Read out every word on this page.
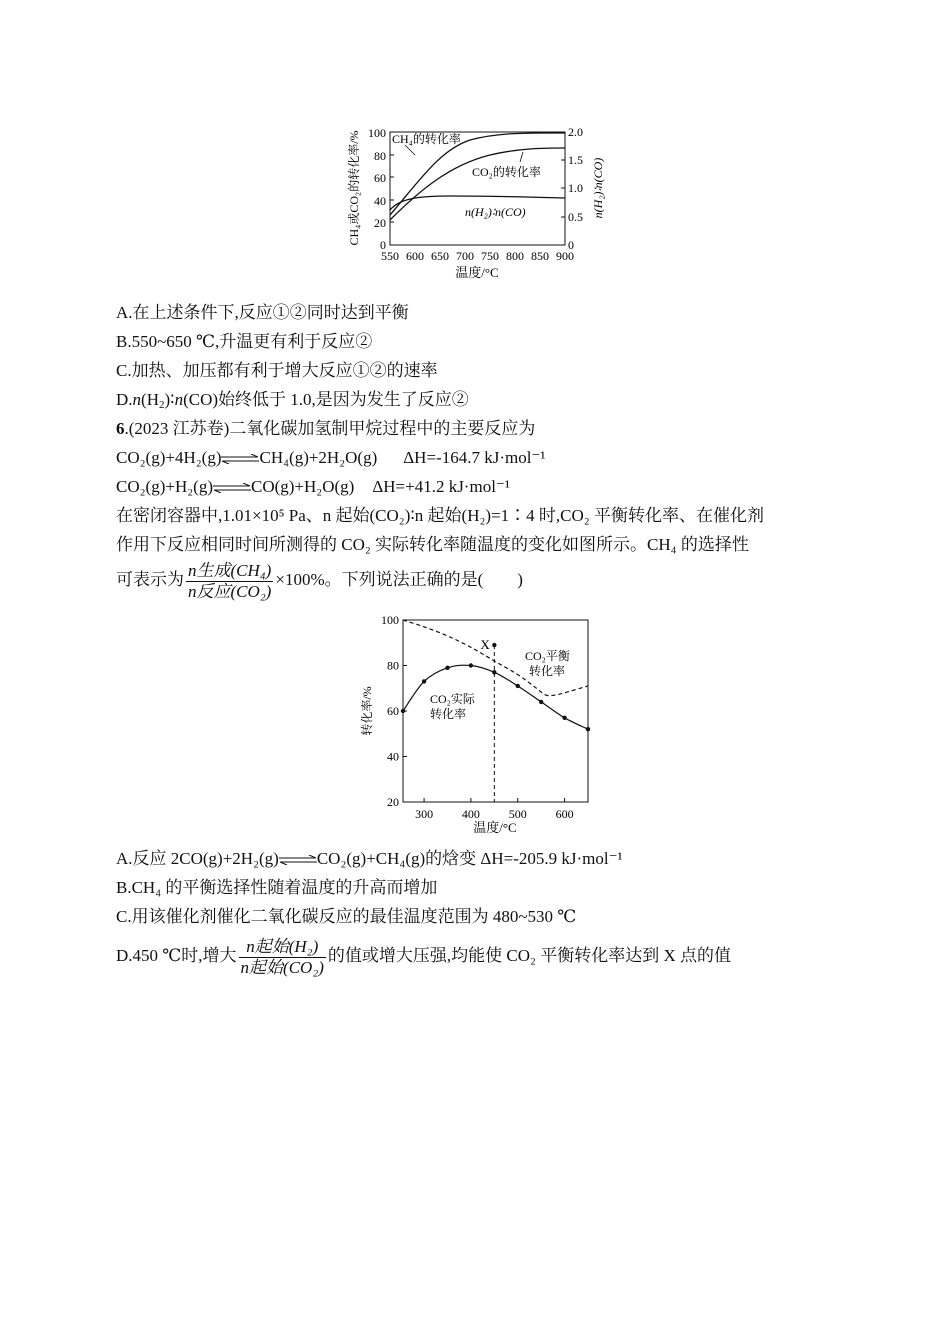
100
80
60
40
20
0
2.0
1.5
1.0
0.5
0
550 600 650 700 750 800 850 900
温度/°C
CH₄或CO₂的转化率/%	n(H₂)∶n(CO)
CH₄的转化率
CO₂的转化率
n(H₂)∶n(CO)
A.在上述条件下,反应①②同时达到平衡
B.550~650 ℃,升温更有利于反应②
C.加热、加压都有利于增大反应①②的速率
$D.n(H_2)∶n(CO)$始终低于 1.0,是因为发生了反应②
6.(2023 江苏卷)二氧化碳加氢制甲烷过程中的主要反应为
CO₂(g)+4H₂(g)⇌CH₄(g)+2H₂O(g) ΔH=-164.7 kJ·mol⁻¹
CO₂(g)+H₂(g)⇌CO(g)+H₂O(g) ΔH=+41.2 kJ·mol⁻¹
在密闭容器中,1.01×10⁵ Pa、n 起始(CO₂)∶n 起始(H₂)=1∶4 时,CO₂ 平衡转化率、在催化剂
作用下反应相同时间所测得的 CO₂ 实际转化率随温度的变化如图所示。CH₄ 的选择性
可表示为 $\frac{\text{n生成(CH₄)}}{\text{n反应(CO₂)}} \times 100\%$。下列说法正确的是(　　)
100
80
60
40
20
300 400 500 600
转化率/%
温度/°C
CO₂平衡
转化率
CO₂实际
转化率
X
A.反应 2CO(g)+2H₂(g)⇌CO₂(g)+CH₄(g)的焓变 ΔH=-205.9 kJ·mol⁻¹
B.CH₄ 的平衡选择性随着温度的升高而增加
C.用该催化剂催化二氧化碳反应的最佳温度范围为 480~530 ℃
D.450 ℃时,增大 $\frac{\text{n起始(H₂)}}{\text{n起始(CO₂)}}$ 的值或增大压强,均能使 CO₂ 平衡转化率达到 X 点的值
